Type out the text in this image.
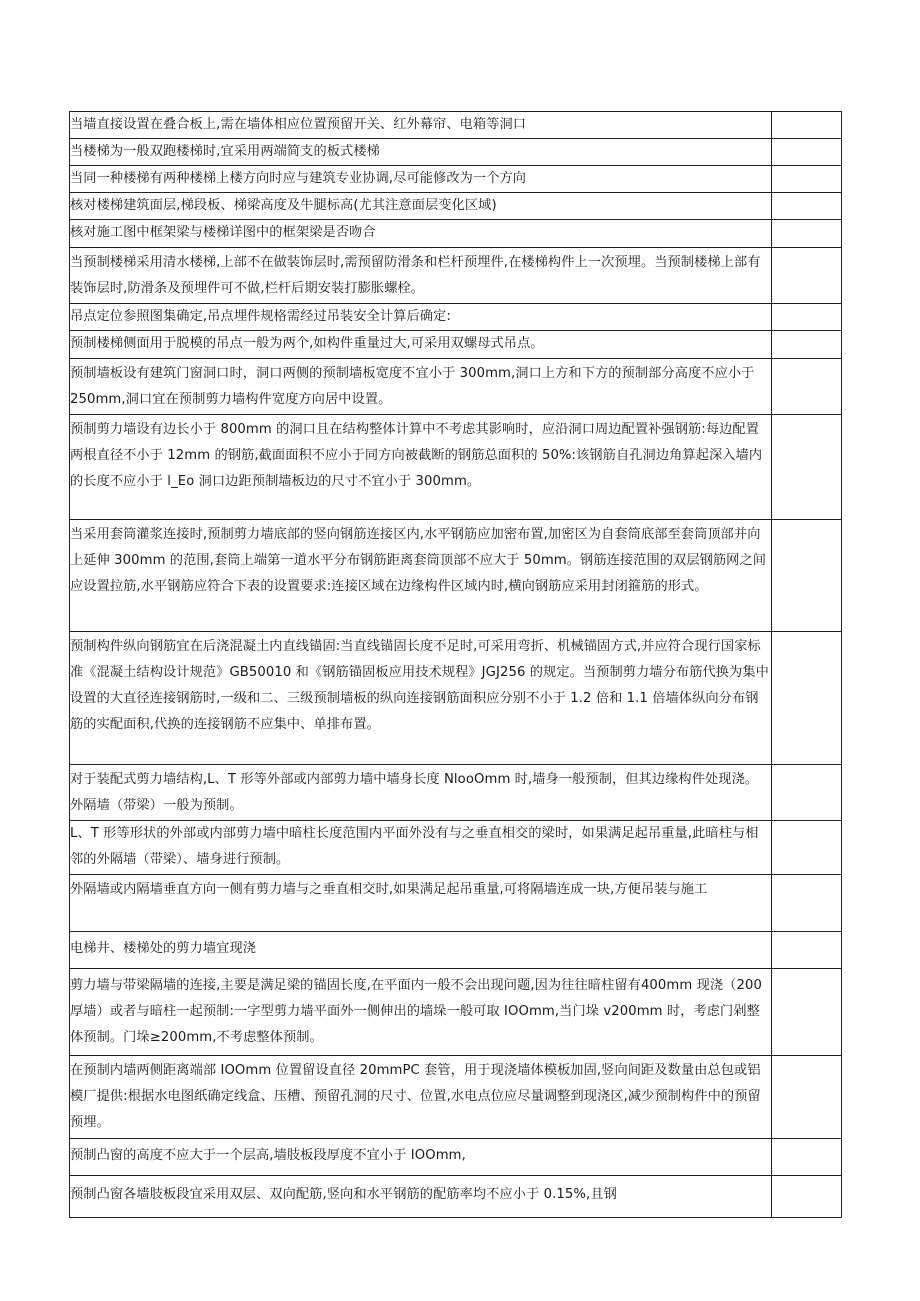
当墙直接设置在叠合板上,需在墙体相应位置预留开关、红外幕帘、电箱等洞口	

当楼梯为一般双跑楼梯时,宜采用两端简支的板式楼梯	

当同一种楼梯有两种楼梯上楼方向时应与建筑专业协调,尽可能修改为一个方向	

核对楼梯建筑面层,梯段板、梯梁高度及牛腿标高(尤其注意面层变化区域)	

核对施工图中框架梁与楼梯详图中的框架梁是否吻合	

当预制楼梯采用清水楼梯,上部不在做装饰层时,需预留防滑条和栏杆预埋件,在楼梯构件上一次预埋。当预制楼梯上部有装饰层时,防滑条及预埋件可不做,栏杆后期安装打膨胀螺栓。	

吊点定位参照图集确定,吊点埋件规格需经过吊装安全计算后确定:	

预制楼梯侧面用于脱模的吊点一般为两个,如构件重量过大,可采用双螺母式吊点。	

预制墙板设有建筑门窗洞口时，洞口两侧的预制墙板宽度不宜小于 300mm,洞口上方和下方的预制部分高度不应小于 250mm,洞口宜在预制剪力墙构件宽度方向居中设置。	

预制剪力墙设有边长小于 800mm 的洞口且在结构整体计算中不考虑其影响时，应沿洞口周边配置补强钢筋:每边配置两根直径不小于 12mm 的钢筋,截面面积不应小于同方向被截断的钢筋总面积的 50%:该钢筋自孔洞边角算起深入墙内的长度不应小于 l_Eo 洞口边距预制墙板边的尺寸不宜小于 300mm。	

当采用套筒灌浆连接时,预制剪力墙底部的竖向钢筋连接区内,水平钢筋应加密布置,加密区为自套筒底部至套筒顶部并向上延伸 300mm 的范围,套筒上端第一道水平分布钢筋距离套筒顶部不应大于 50mm。钢筋连接范围的双层钢筋网之间应设置拉筋,水平钢筋应符合下表的设置要求:连接区域在边缘构件区域内时,横向钢筋应采用封闭箍筋的形式。	

预制构件纵向钢筋宜在后浇混凝土内直线锚固:当直线锚固长度不足时,可采用弯折、机械锚固方式,并应符合现行国家标准《混凝土结构设计规范》GB50010 和《钢筋锚固板应用技术规程》JGJ256 的规定。当预制剪力墙分布筋代换为集中设置的大直径连接钢筋时,一级和二、三级预制墙板的纵向连接钢筋面积应分别不小于 1.2 倍和 1.1 倍墙体纵向分布钢筋的实配面积,代换的连接钢筋不应集中、单排布置。	

对于装配式剪力墙结构,L、T 形等外部或内部剪力墙中墙身长度 NlooOmm 时,墙身一般预制，但其边缘构件处现浇。外隔墙（带梁）一般为预制。	

L、T 形等形状的外部或内部剪力墙中暗柱长度范围内平面外没有与之垂直相交的梁时，如果满足起吊重量,此暗柱与相邻的外隔墙（带梁）、墙身进行预制。	

外隔墙或内隔墙垂直方向一侧有剪力墙与之垂直相交时,如果满足起吊重量,可将隔墙连成一块,方便吊装与施工	

电梯井、楼梯处的剪力墙宜现浇	

剪力墙与带梁隔墙的连接,主要是满足梁的锚固长度,在平面内一般不会出现问题,因为往往暗柱留有400mm 现浇（200 厚墙）或者与暗柱一起预制:一字型剪力墙平面外一侧伸出的墙垛一般可取 IOOmm,当门垛 v200mm 时，考虑门剁整体预制。门垛≥200mm,不考虑整体预制。	

在预制内墙两侧距离端部 IOOmm 位置留设直径 20mmPC 套管，用于现浇墙体模板加固,竖向间距及数量由总包或铝模厂提供:根据水电图纸确定线盒、压槽、预留孔洞的尺寸、位置,水电点位应尽量调整到现浇区,减少预制构件中的预留预埋。	

预制凸窗的高度不应大于一个层高,墙肢板段厚度不宜小于 IOOmm,	

预制凸窗各墙肢板段宜采用双层、双向配筋,竖向和水平钢筋的配筋率均不应小于 0.15%,且钢	
